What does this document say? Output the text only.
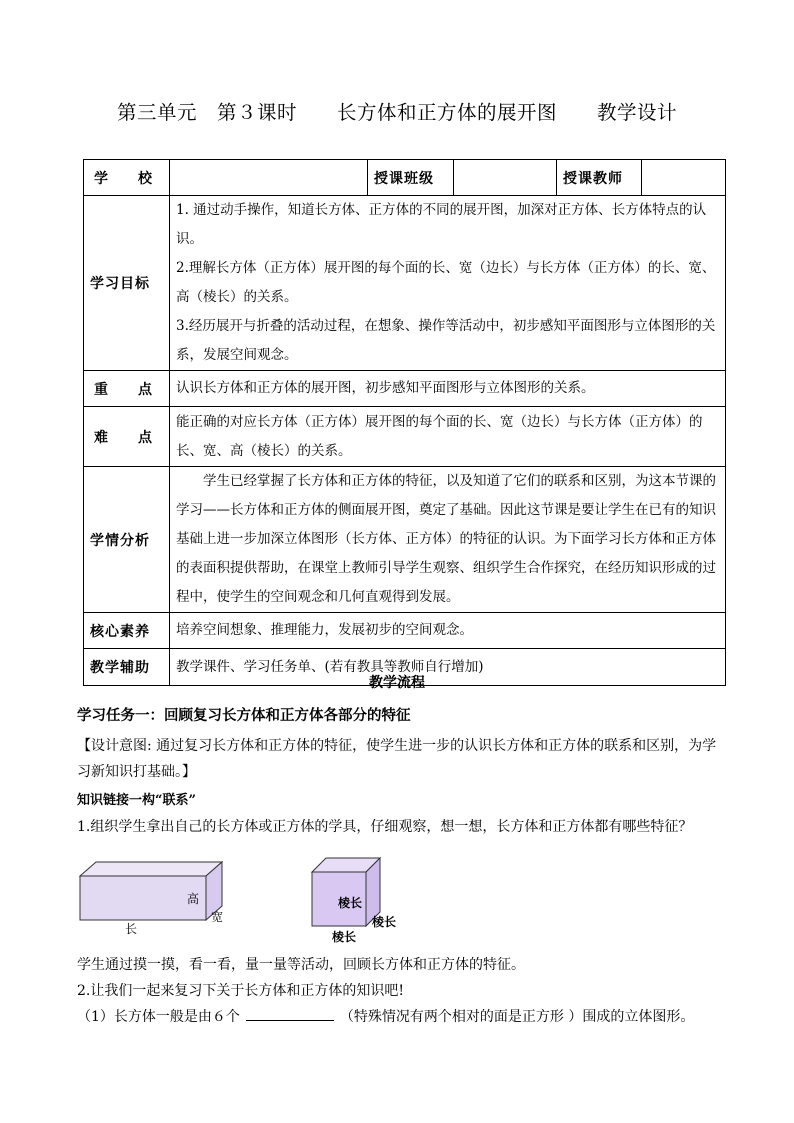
第三单元　第３课时　　长方体和正方体的展开图　　教学设计
学 校		授课班级		授课教师	
学习目标	1. 通过动手操作，知道长方体、正方体的不同的展开图，加深对正方体、长方体特点的认识。
2.理解长方体（正方体）展开图的每个面的长、宽（边长）与长方体（正方体）的长、宽、高（棱长）的关系。
3.经历展开与折叠的活动过程，在想象、操作等活动中，初步感知平面图形与立体图形的关系，发展空间观念。				

重 点	认识长方体和正方体的展开图，初步感知平面图形与立体图形的关系。				

难 点	能正确的对应长方体（正方体）展开图的每个面的长、宽（边长）与长方体（正方体）的长、宽、高（棱长）的关系。				
学情分析	学生已经掌握了长方体和正方体的特征，以及知道了它们的联系和区别，为这本节课的学习——长方体和正方体的侧面展开图，奠定了基础。因此这节课是要让学生在已有的知识基础上进一步加深立体图形（长方体、正方体）的特征的认识。为下面学习长方体和正方体的表面积提供帮助，在课堂上教师引导学生观察、组织学生合作探究，在经历知识形成的过程中，使学生的空间观念和几何直观得到发展。				
核心素养	培养空间想象、推理能力，发展初步的空间观念。				
教学辅助	教学课件、学习任务单、(若有教具等教师自行增加)				
教学流程
学习任务一：回顾复习长方体和正方体各部分的特征
【设计意图: 通过复习长方体和正方体的特征，使学生进一步的认识长方体和正方体的联系和区别，为学
习新知识打基础。】
知识链接一构“联系”
1.组织学生拿出自己的长方体或正方体的学具，仔细观察，想一想，长方体和正方体都有哪些特征？
高
宽
长
棱长
棱长
棱长
学生通过摸一摸，看一看，量一量等活动，回顾长方体和正方体的特征。
2.让我们一起来复习下关于长方体和正方体的知识吧!
（1）长方体一般是由６个	（特殊情况有两个相对的面是正方形 ）围成的立体图形。
